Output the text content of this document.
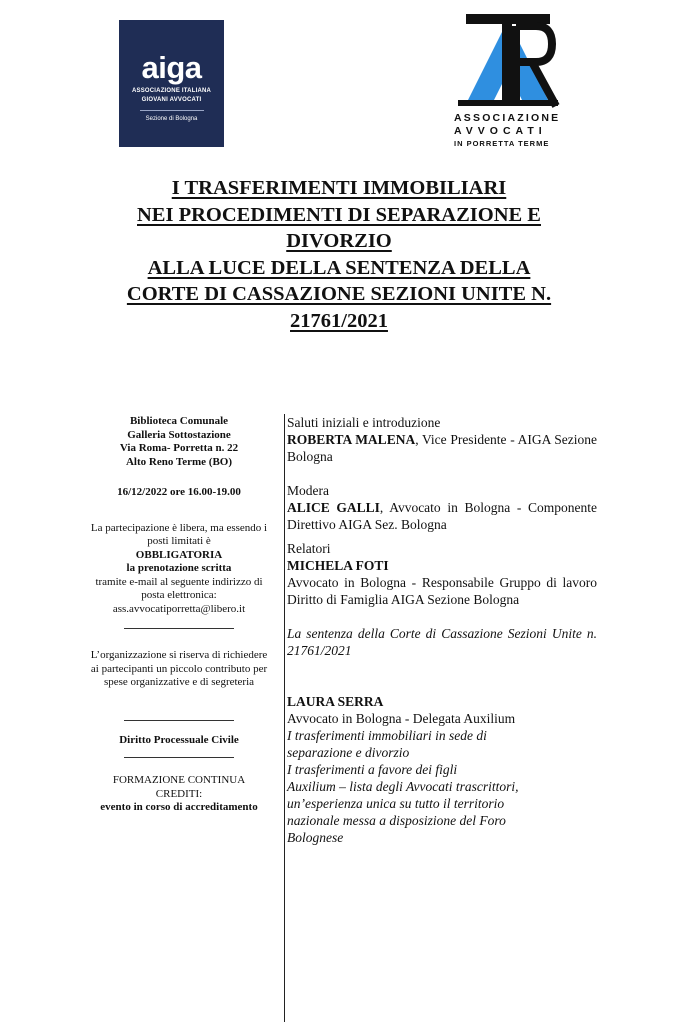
aiga
ASSOCIAZIONE ITALIANA
GIOVANI AVVOCATI
Sezione di Bologna	ASSOCIAZIONE
AVVOCATI
IN PORRETTA TERME
I TRASFERIMENTI IMMOBILIARI
NEI PROCEDIMENTI DI SEPARAZIONE E
DIVORZIO
ALLA LUCE DELLA SENTENZA DELLA
CORTE DI CASSAZIONE SEZIONI UNITE N.
21761/2021

Biblioteca Comunale

Galleria Sottostazione

Via Roma- Porretta n. 22

Alto Reno Terme (BO)

16/12/2022 ore 16.00-19.00

La partecipazione è libera, ma essendo i

posti limitati è

OBBLIGATORIA

la prenotazione scritta

tramite e-mail al seguente indirizzo di

posta elettronica:

ass.avvocatiporretta@libero.it

L’organizzazione si riserva di richiedere

ai partecipanti un piccolo contributo per

spese organizzative e di segreteria

Diritto Processuale Civile

FORMAZIONE CONTINUA

CREDITI:

evento in corso di accreditamento

Saluti iniziali e introduzione

ROBERTA MALENA, Vice Presidente - AIGA Sezione Bologna

Modera

ALICE GALLI, Avvocato in Bologna - Componente Direttivo AIGA Sez. Bologna

Relatori

MICHELA FOTI

Avvocato in Bologna - Responsabile Gruppo di lavoro Diritto di Famiglia AIGA Sezione Bologna

La sentenza della Corte di Cassazione Sezioni Unite n. 21761/2021

LAURA SERRA

Avvocato in Bologna - Delegata Auxilium

I trasferimenti immobiliari in sede di

separazione e divorzio

I trasferimenti a favore dei figli

Auxilium – lista degli Avvocati trascrittori,

un’esperienza unica su tutto il territorio

nazionale messa a disposizione del Foro

Bolognese
